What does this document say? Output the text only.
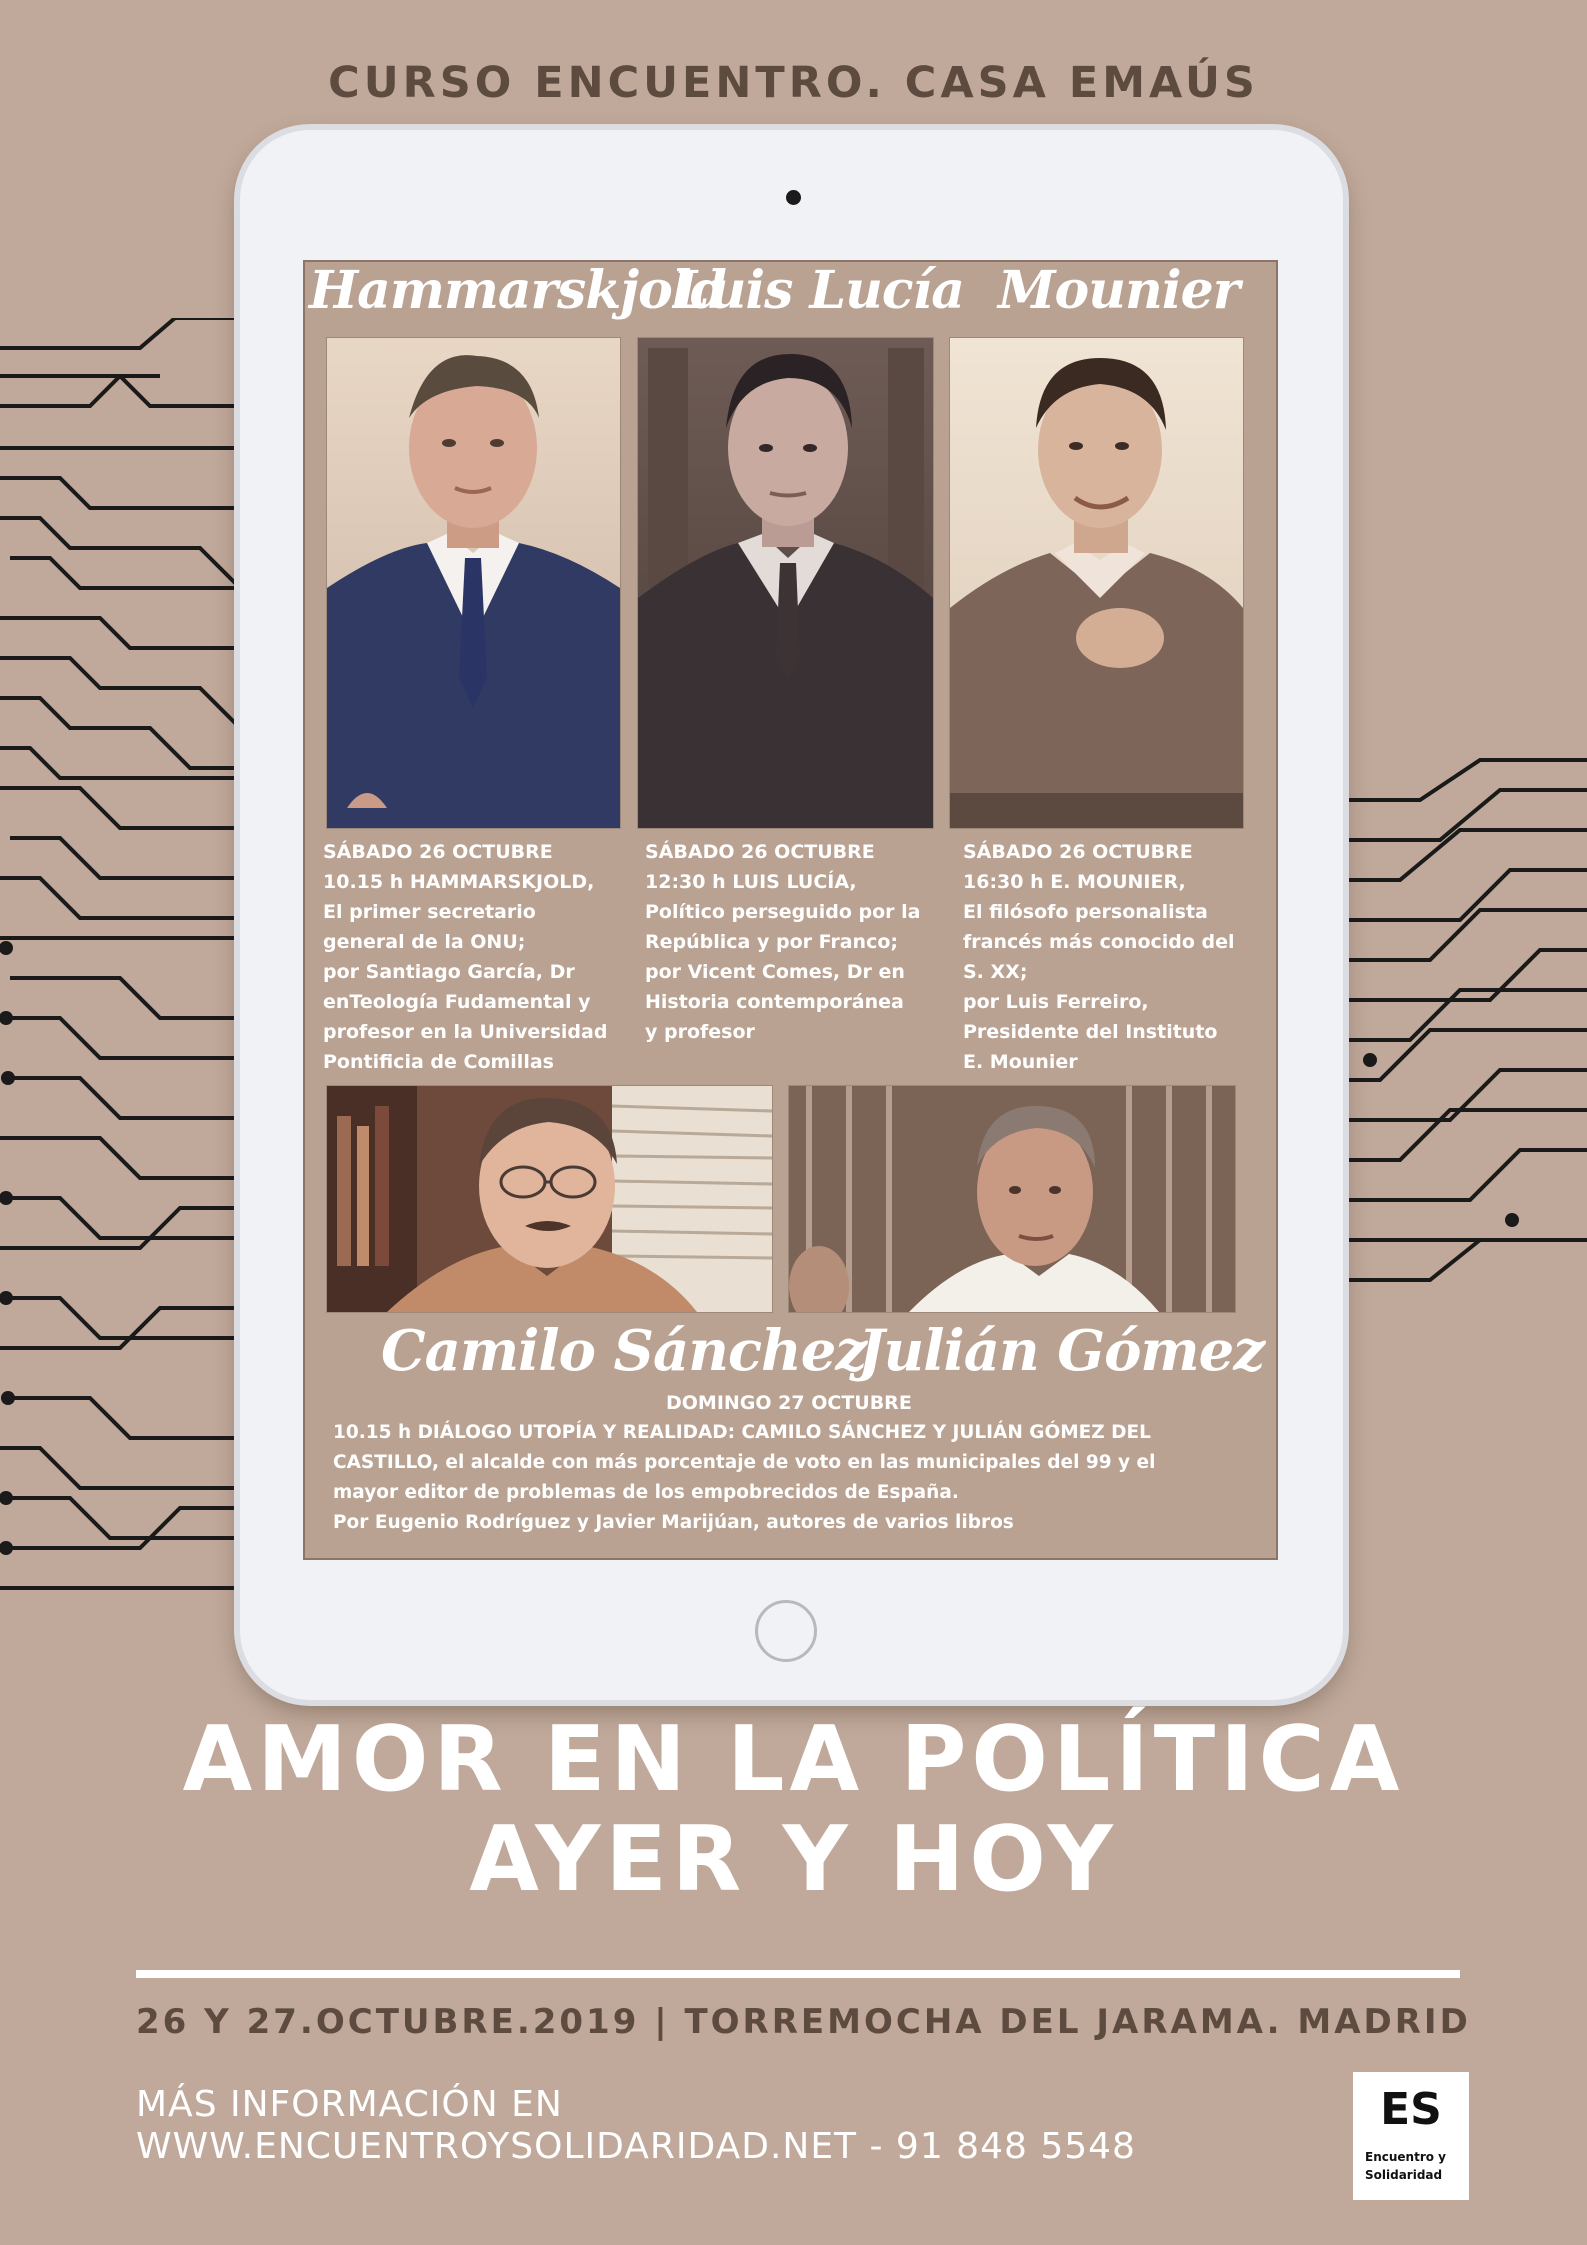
CURSO ENCUENTRO. CASA EMAÚS
Hammarskjold
Luis Lucía Mounier
SÁBADO 26 OCTUBRE
10.15 h HAMMARSKJOLD,
El primer secretario
general de la ONU;
por Santiago García, Dr
enTeología Fudamental y
profesor en la Universidad
Pontificia de Comillas
SÁBADO 26 OCTUBRE
12:30 h LUIS LUCÍA,
Político perseguido por la
República y por Franco;
por Vicent Comes, Dr en
Historia contemporánea
y profesor
SÁBADO 26 OCTUBRE
16:30 h E. MOUNIER,
El filósofo personalista
francés más conocido del
S. XX;
por Luis Ferreiro,
Presidente del Instituto
E. Mounier
Camilo Sánchez
Julián Gómez
DOMINGO 27 OCTUBRE
10.15 h DIÁLOGO UTOPÍA Y REALIDAD: CAMILO SÁNCHEZ Y JULIÁN GÓMEZ DEL
CASTILLO, el alcalde con más porcentaje de voto en las municipales del 99 y el
mayor editor de problemas de los empobrecidos de España.
Por Eugenio Rodríguez y Javier Marijúan, autores de varios libros
AMOR EN LA POLÍTICA
AYER Y HOY
26 Y 27.OCTUBRE.2019 | TORREMOCHA DEL JARAMA. MADRID
MÁS INFORMACIÓN EN
WWW.ENCUENTROYSOLIDARIDAD.NET - 91 848 5548
ES
Encuentro y
Solidaridad
